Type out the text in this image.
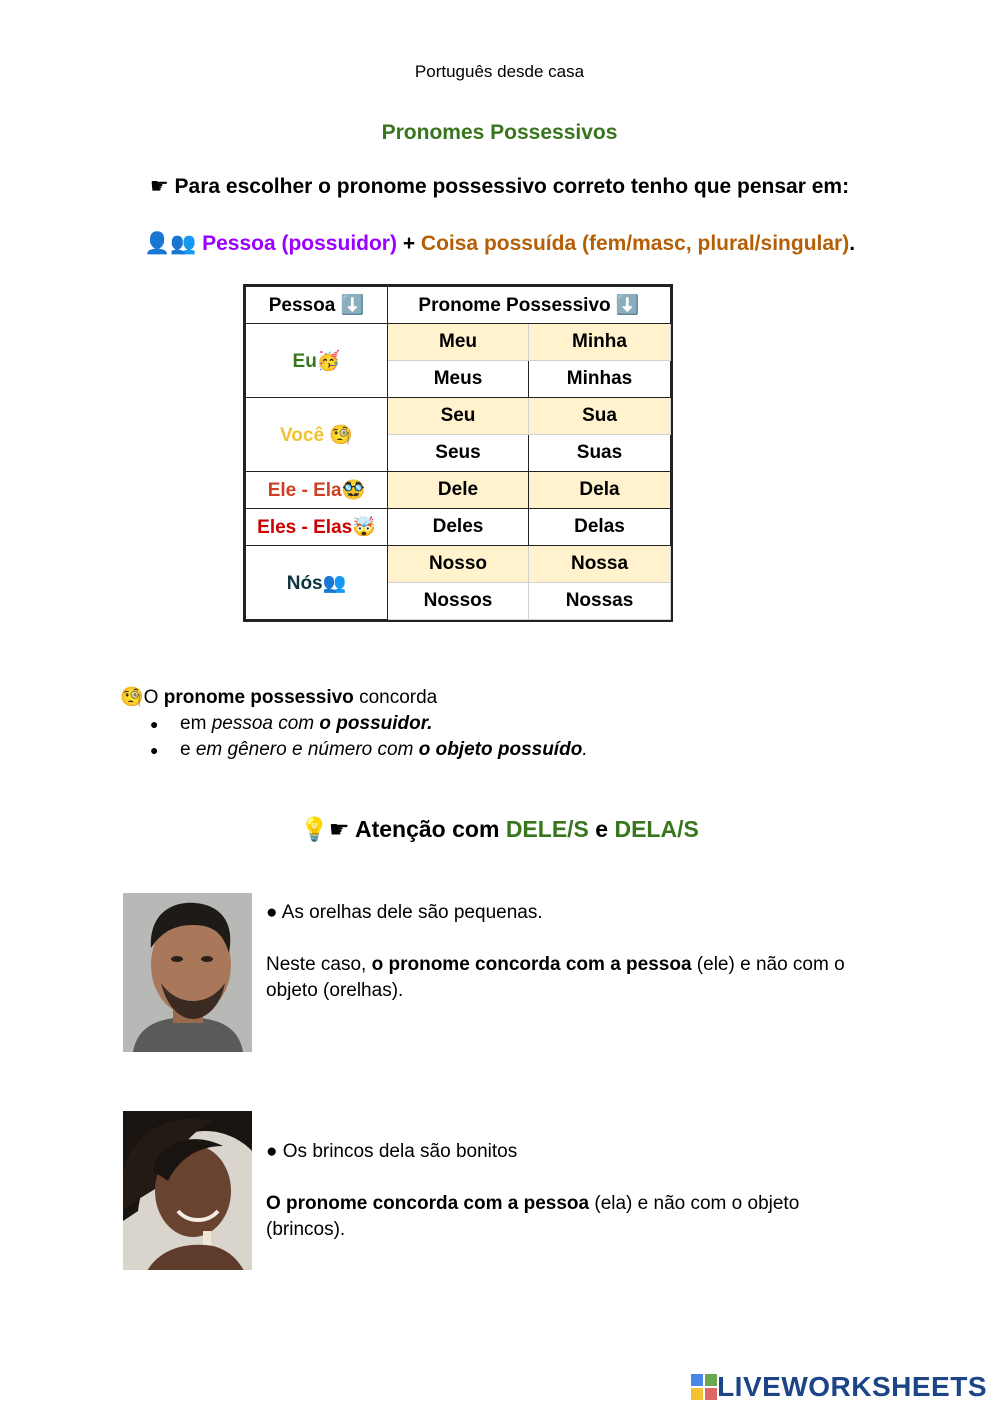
Português desde casa
Pronomes Possessivos
☛ Para escolher o pronome possessivo correto tenho que pensar em:
👤👥 Pessoa (possuidor) + Coisa possuída (fem/masc, plural/singular).
Pessoa ⬇️	Pronome Possessivo ⬇️	
Eu🥳	Meu	Minha
	Meus	Minhas
Você 🧐	Seu	Sua
	Seus	Suas
Ele - Ela🥸	Dele	Dela
Eles - Elas🤯	Deles	Delas
Nós👥	Nosso	Nossa
	Nossos	Nossas
🧐O pronome possessivo concorda
● em pessoa com o possuidor.
● e em gênero e número com o objeto possuído.
💡☛ Atenção com DELE/S e DELA/S

● As orelhas dele são pequenas.

Neste caso, o pronome concorda com a pessoa (ele) e não com o objeto (orelhas).

● Os brincos dela são bonitos

O pronome concorda com a pessoa (ela) e não com o objeto (brincos).

LIVEWORKSHEETS
